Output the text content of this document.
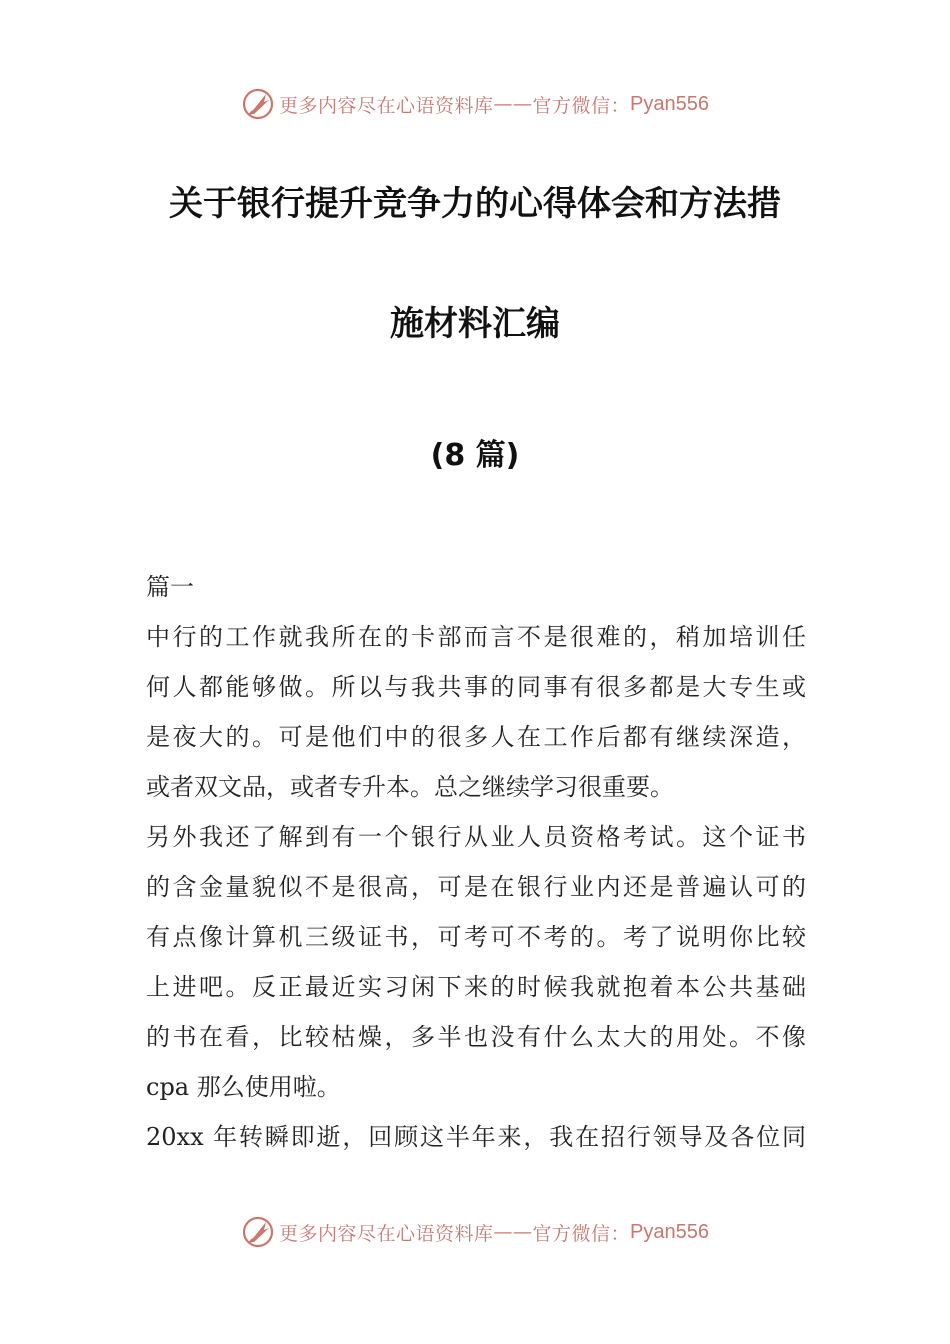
更多内容尽在心语资料库 —— 官方微信： Pyan556
关于银行提升竞争力的心得体会和方法措
施材料汇编
(8 篇)
篇一
中行的工作就我所在的卡部而言不是很难的，稍加培训任
何人都能够做。所以与我共事的同事有很多都是大专生或
是夜大的。可是他们中的很多人在工作后都有继续深造，
或者双文品，或者专升本。总之继续学习很重要。
另外我还了解到有一个银行从业人员资格考试。这个证书
的含金量貌似不是很高，可是在银行业内还是普遍认可的
有点像计算机三级证书，可考可不考的。考了说明你比较
上进吧。反正最近实习闲下来的时候我就抱着本公共基础
的书在看，比较枯燥，多半也没有什么太大的用处。不像
cpa 那么使用啦。
20xx 年转瞬即逝，回顾这半年来，我在招行领导及各位同
更多内容尽在心语资料库 —— 官方微信： Pyan556
